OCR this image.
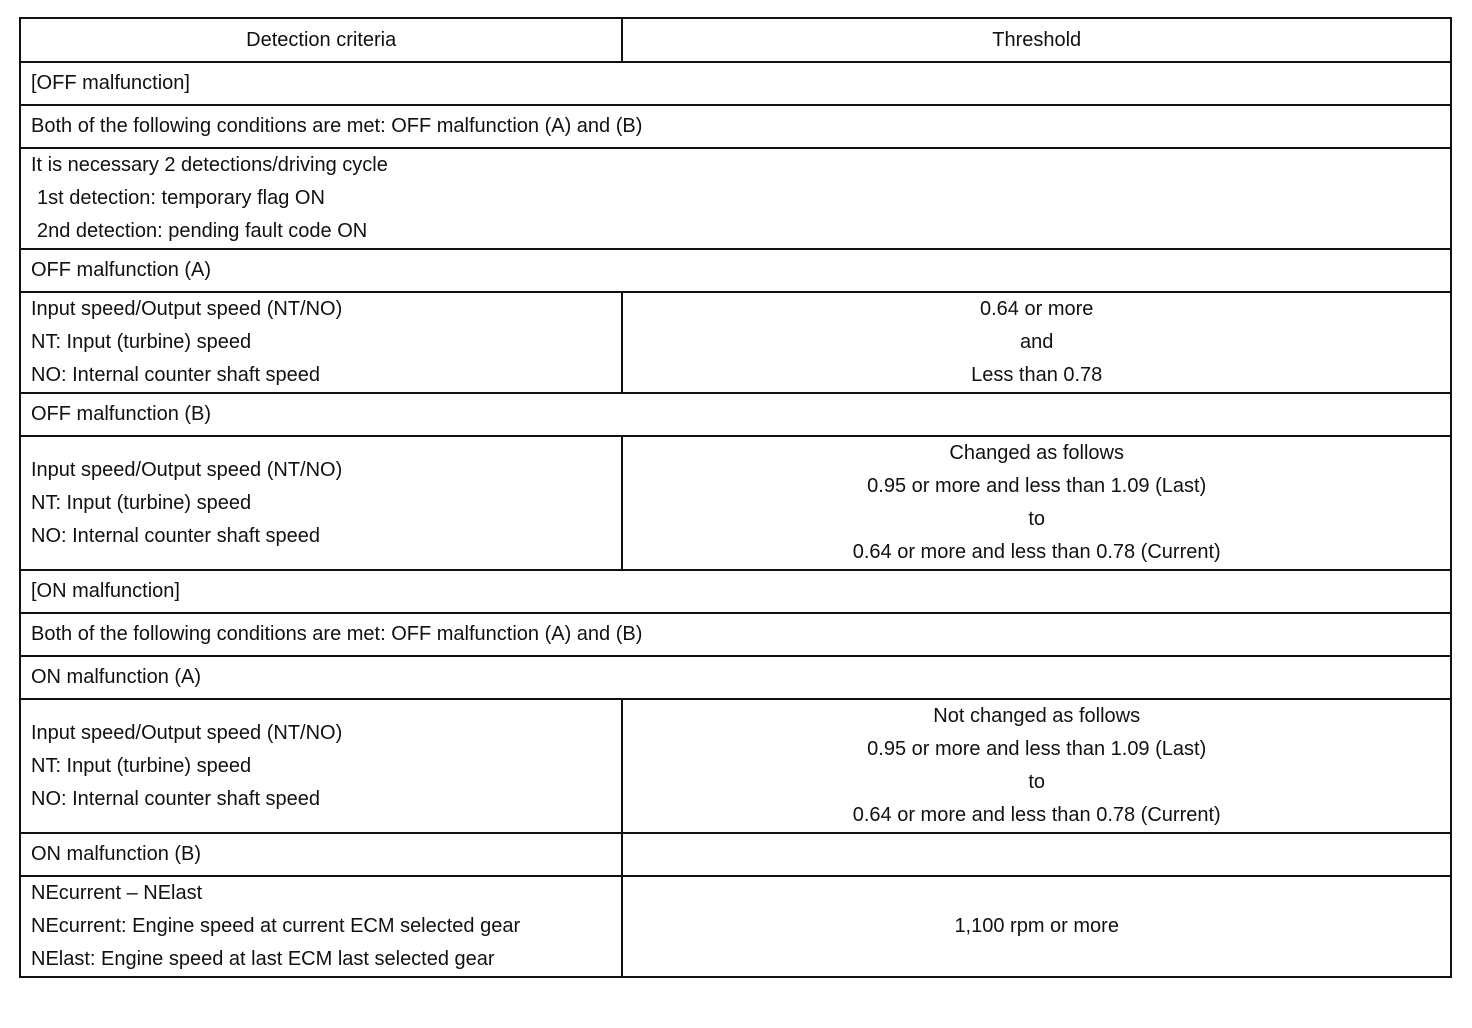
Detection criteria	Threshold
[OFF malfunction]	
Both of the following conditions are met: OFF malfunction (A) and (B)	

It is necessary 2 detections/driving cycle
1st detection: temporary flag ON
2nd detection: pending fault code ON	

OFF malfunction (A)	

Input speed/Output speed (NT/NO)
NT: Input (turbine) speed
NO: Internal counter shaft speed	0.64 or more
and
Less than 0.78

OFF malfunction (B)	

Input speed/Output speed (NT/NO)
NT: Input (turbine) speed
NO: Internal counter shaft speed	Changed as follows
0.95 or more and less than 1.09 (Last)
to
0.64 or more and less than 0.78 (Current)

[ON malfunction]	
Both of the following conditions are met: OFF malfunction (A) and (B)	
ON malfunction (A)	

Input speed/Output speed (NT/NO)
NT: Input (turbine) speed
NO: Internal counter shaft speed	Not changed as follows
0.95 or more and less than 1.09 (Last)
to
0.64 or more and less than 0.78 (Current)

ON malfunction (B)	

NEcurrent – NElast
NEcurrent: Engine speed at current ECM selected gear
NElast: Engine speed at last ECM last selected gear	1,100 rpm or more
